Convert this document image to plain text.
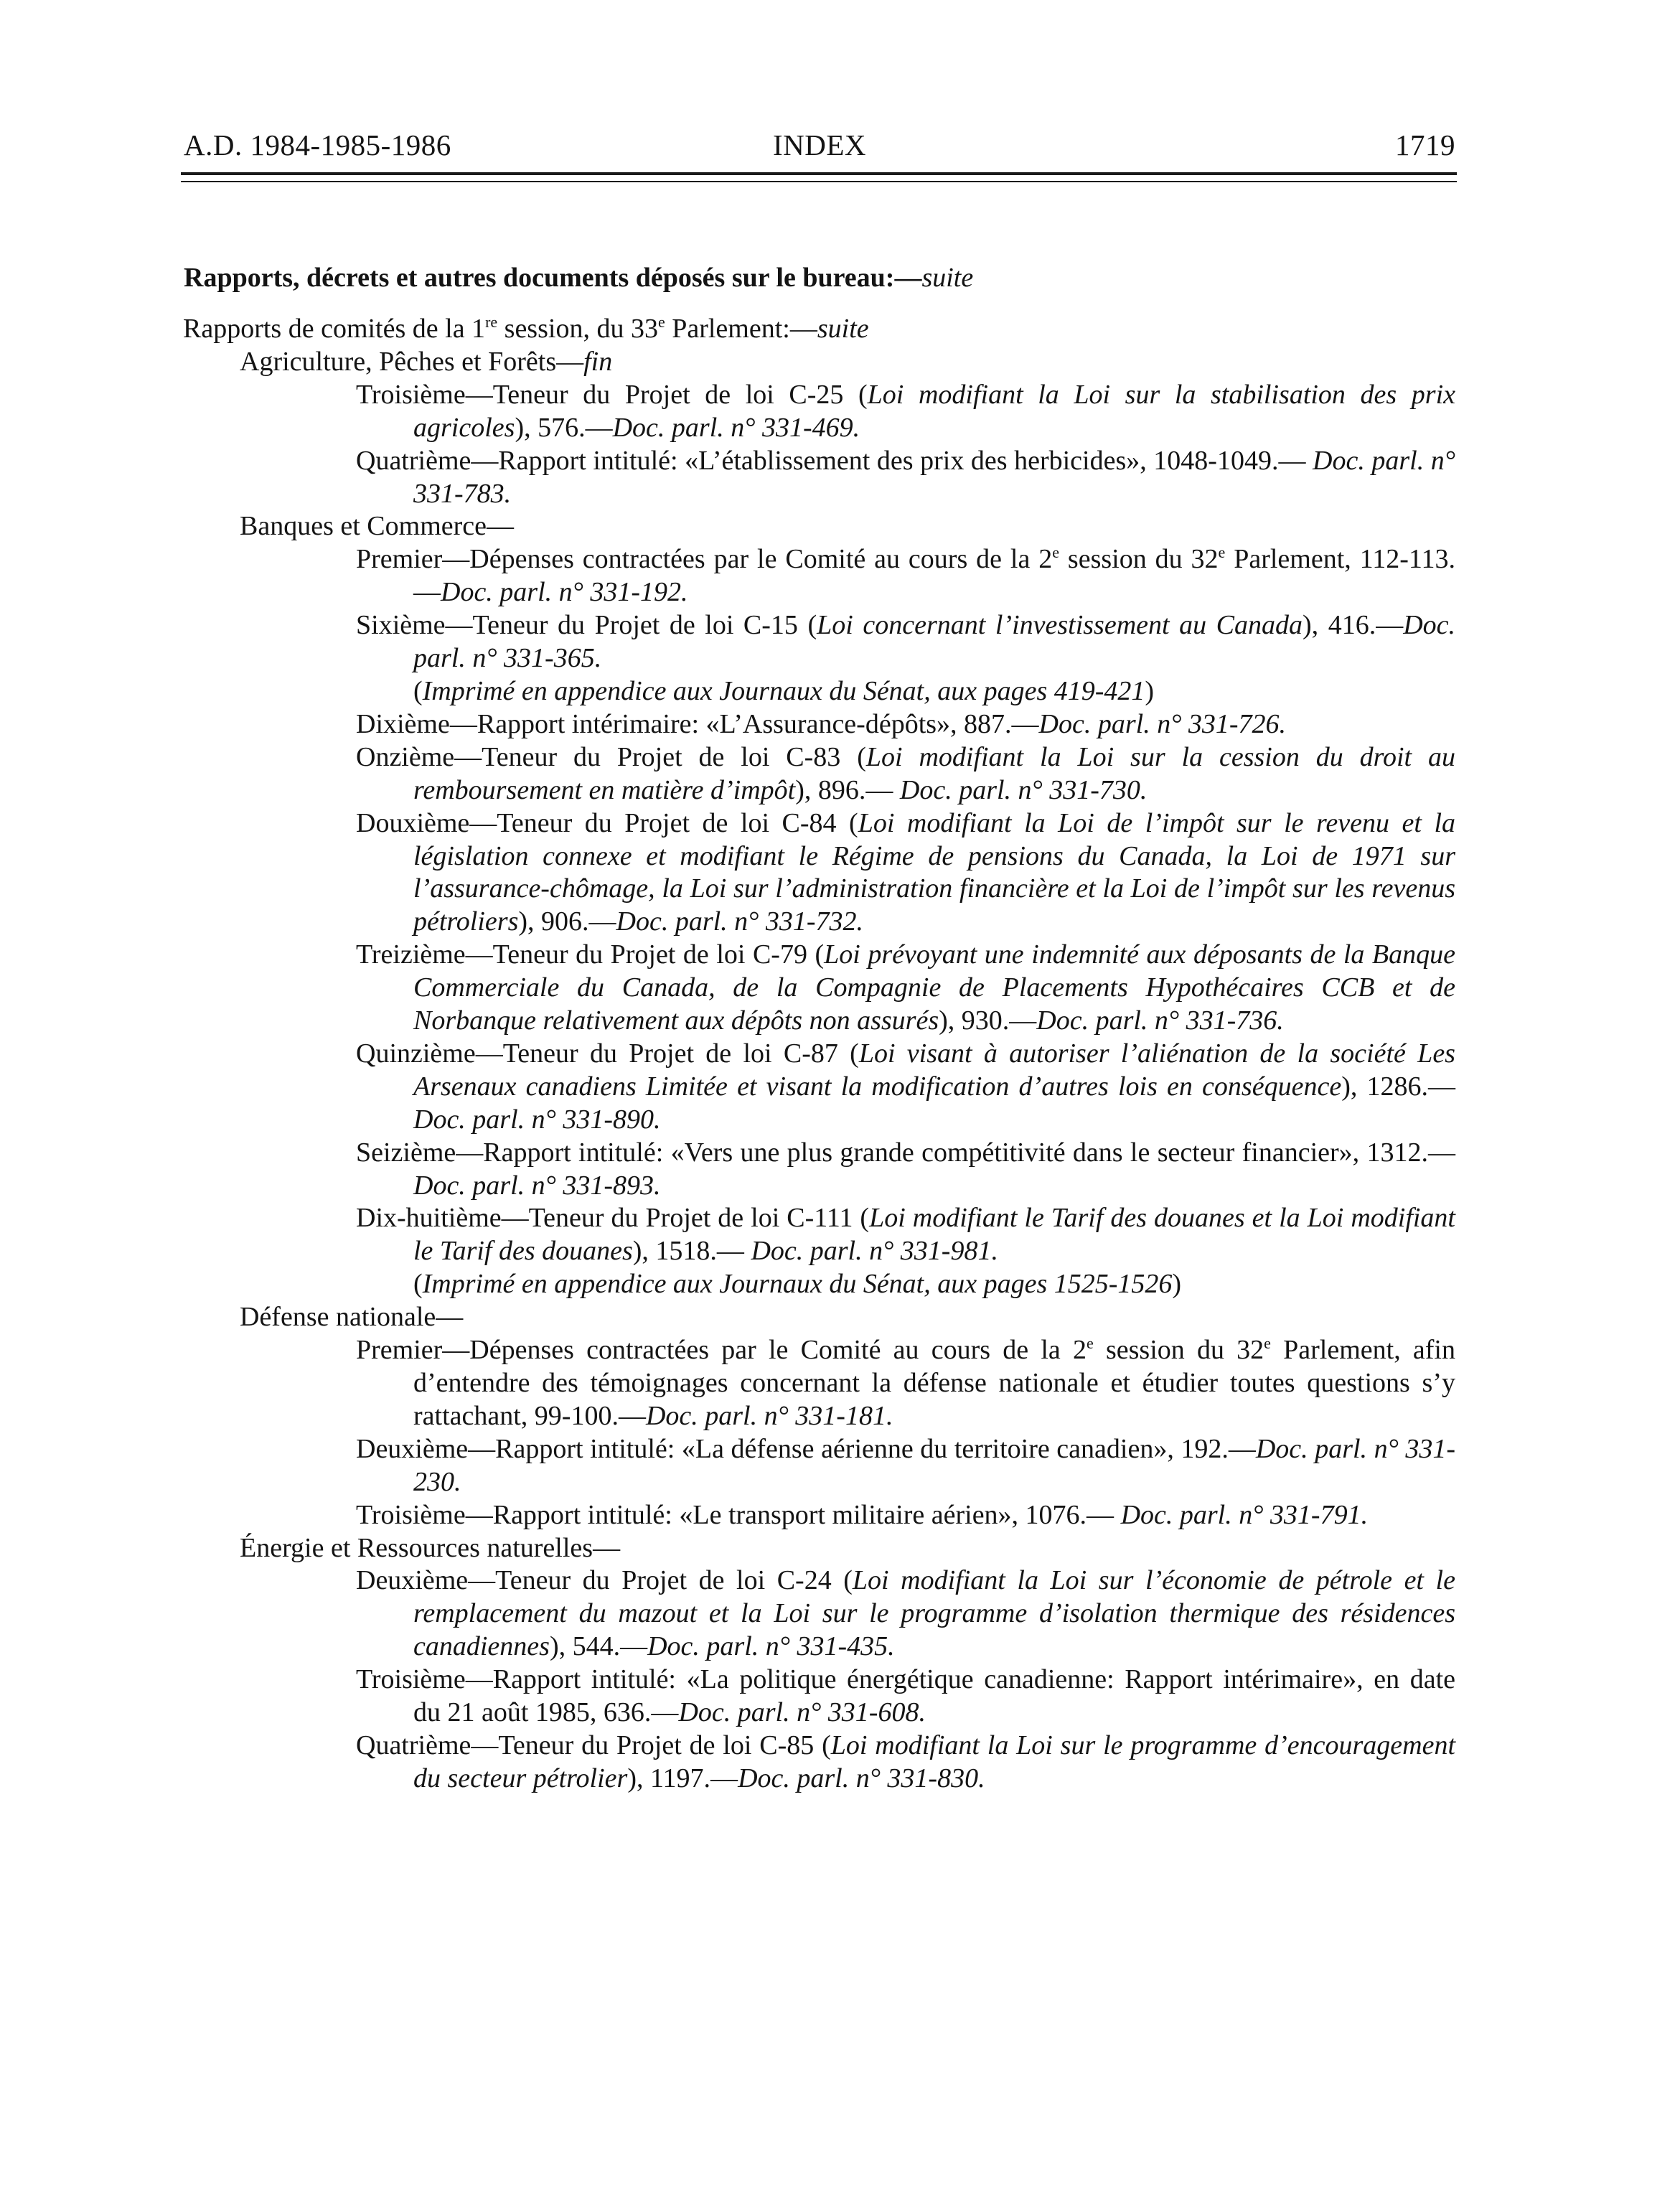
A.D. 1984-1985-1986	INDEX	1719
Rapports, décrets et autres documents déposés sur le bureau:—suite
Rapports de comités de la 1re session, du 33e Parlement:—suite
Agriculture, Pêches et Forêts—fin
Troisième—Teneur du Projet de loi C-25 (Loi modifiant la Loi sur la stabilisation des prix agricoles), 576.—Doc. parl. n° 331-469.
Quatrième—Rapport intitulé: «L’établissement des prix des herbicides», 1048-1049.— Doc. parl. n° 331-783.
Banques et Commerce—
Premier—Dépenses contractées par le Comité au cours de la 2e session du 32e Parlement, 112-113.—Doc. parl. n° 331-192.
Sixième—Teneur du Projet de loi C-15 (Loi concernant l’investissement au Canada), 416.—Doc. parl. n° 331-365.
(Imprimé en appendice aux Journaux du Sénat, aux pages 419-421)
Dixième—Rapport intérimaire: «L’Assurance-dépôts», 887.—Doc. parl. n° 331-726.
Onzième—Teneur du Projet de loi C-83 (Loi modifiant la Loi sur la cession du droit au remboursement en matière d’impôt), 896.— Doc. parl. n° 331-730.
Douxième—Teneur du Projet de loi C-84 (Loi modifiant la Loi de l’impôt sur le revenu et la législation connexe et modifiant le Régime de pensions du Canada, la Loi de 1971 sur l’assurance-chômage, la Loi sur l’administration financière et la Loi de l’impôt sur les revenus pétroliers), 906.—Doc. parl. n° 331-732.
Treizième—Teneur du Projet de loi C-79 (Loi prévoyant une indemnité aux déposants de la Banque Commerciale du Canada, de la Compagnie de Placements Hypothécaires CCB et de Norbanque relativement aux dépôts non assurés), 930.—Doc. parl. n° 331-736.
Quinzième—Teneur du Projet de loi C-87 (Loi visant à autoriser l’aliénation de la société Les Arsenaux canadiens Limitée et visant la modification d’autres lois en conséquence), 1286.—Doc. parl. n° 331-890.
Seizième—Rapport intitulé: «Vers une plus grande compétitivité dans le secteur financier», 1312.—Doc. parl. n° 331-893.
Dix-huitième—Teneur du Projet de loi C-111 (Loi modifiant le Tarif des douanes et la Loi modifiant le Tarif des douanes), 1518.— Doc. parl. n° 331-981.
(Imprimé en appendice aux Journaux du Sénat, aux pages 1525-1526)
Défense nationale—
Premier—Dépenses contractées par le Comité au cours de la 2e session du 32e Parlement, afin d’entendre des témoignages concernant la défense nationale et étudier toutes questions s’y rattachant, 99-100.—Doc. parl. n° 331-181.
Deuxième—Rapport intitulé: «La défense aérienne du territoire canadien», 192.—Doc. parl. n° 331-230.
Troisième—Rapport intitulé: «Le transport militaire aérien», 1076.— Doc. parl. n° 331-791.
Énergie et Ressources naturelles—
Deuxième—Teneur du Projet de loi C-24 (Loi modifiant la Loi sur l’économie de pétrole et le remplacement du mazout et la Loi sur le programme d’isolation thermique des résidences canadiennes), 544.—Doc. parl. n° 331-435.
Troisième—Rapport intitulé: «La politique énergétique canadienne: Rapport intérimaire», en date du 21 août 1985, 636.—Doc. parl. n° 331-608.
Quatrième—Teneur du Projet de loi C-85 (Loi modifiant la Loi sur le programme d’encouragement du secteur pétrolier), 1197.—Doc. parl. n° 331-830.
